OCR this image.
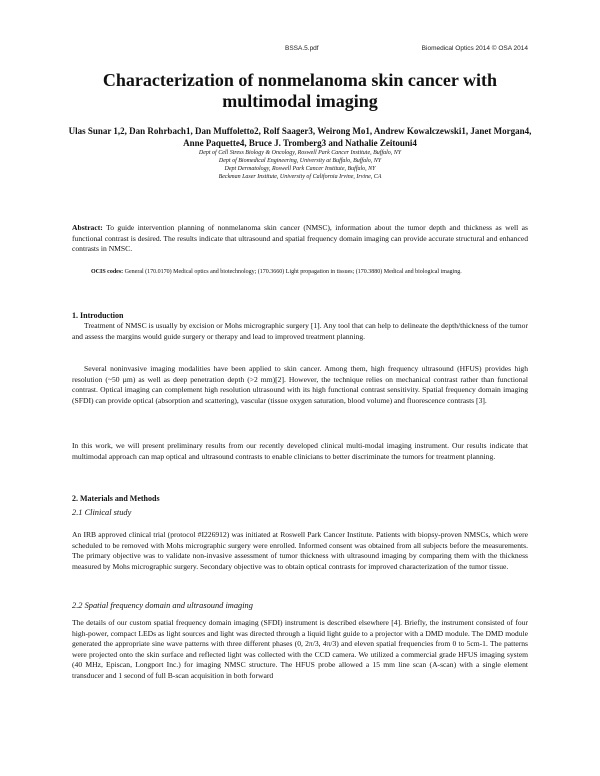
BSSA.5.pdf	Biomedical Optics 2014 © OSA 2014
Characterization of nonmelanoma skin cancer with multimodal imaging
Ulas Sunar 1,2, Dan Rohrbach1, Dan Muffoletto2, Rolf Saager3, Weirong Mo1, Andrew Kowalczewski1, Janet Morgan4, Anne Paquette4, Bruce J. Tromberg3 and Nathalie Zeitouni4
Dept of Cell Stress Biology & Oncology, Roswell Park Cancer Institute, Buffalo, NY
Dept of Biomedical Engineering, University at Buffalo, Buffalo, NY
Dept Dermatology, Roswell Park Cancer Institute, Buffalo, NY
Beckman Laser Institute, University of California Irvine, Irvine, CA
Abstract: To guide intervention planning of nonmelanoma skin cancer (NMSC), information about the tumor depth and thickness as well as functional contrast is desired. The results indicate that ultrasound and spatial frequency domain imaging can provide accurate structural and enhanced contrasts in NMSC.
OCIS codes: General (170.0170) Medical optics and biotechnology; (170.3660) Light propagation in tissues; (170.3880) Medical and biological imaging.
1. Introduction
Treatment of NMSC is usually by excision or Mohs micrographic surgery [1]. Any tool that can help to delineate the depth/thickness of the tumor and assess the margins would guide surgery or therapy and lead to improved treatment planning.
Several noninvasive imaging modalities have been applied to skin cancer. Among them, high frequency ultrasound (HFUS) provides high resolution (~50 µm) as well as deep penetration depth (>2 mm)[2]. However, the technique relies on mechanical contrast rather than functional contrast. Optical imaging can complement high resolution ultrasound with its high functional contrast sensitivity. Spatial frequency domain imaging (SFDI) can provide optical (absorption and scattering), vascular (tissue oxygen saturation, blood volume) and fluorescence contrasts [3].
In this work, we will present preliminary results from our recently developed clinical multi-modal imaging instrument. Our results indicate that multimodal approach can map optical and ultrasound contrasts to enable clinicians to better discriminate the tumors for treatment planning.
2. Materials and Methods
2.1 Clinical study
An IRB approved clinical trial (protocol #I226912) was initiated at Roswell Park Cancer Institute. Patients with biopsy-proven NMSCs, which were scheduled to be removed with Mohs micrographic surgery were enrolled. Informed consent was obtained from all subjects before the measurements. The primary objective was to validate non-invasive assessment of tumor thickness with ultrasound imaging by comparing them with the thickness measured by Mohs micrographic surgery. Secondary objective was to obtain optical contrasts for improved characterization of the tumor tissue.
2.2 Spatial frequency domain and ultrasound imaging
The details of our custom spatial frequency domain imaging (SFDI) instrument is described elsewhere [4]. Briefly, the instrument consisted of four high-power, compact LEDs as light sources and light was directed through a liquid light guide to a projector with a DMD module. The DMD module generated the appropriate sine wave patterns with three different phases (0, 2π/3, 4π/3) and eleven spatial frequencies from 0 to 5cm-1. The patterns were projected onto the skin surface and reflected light was collected with the CCD camera. We utilized a commercial grade HFUS imaging system (40 MHz, Episcan, Longport Inc.) for imaging NMSC structure. The HFUS probe allowed a 15 mm line scan (A-scan) with a single element transducer and 1 second of full B-scan acquisition in both forward
